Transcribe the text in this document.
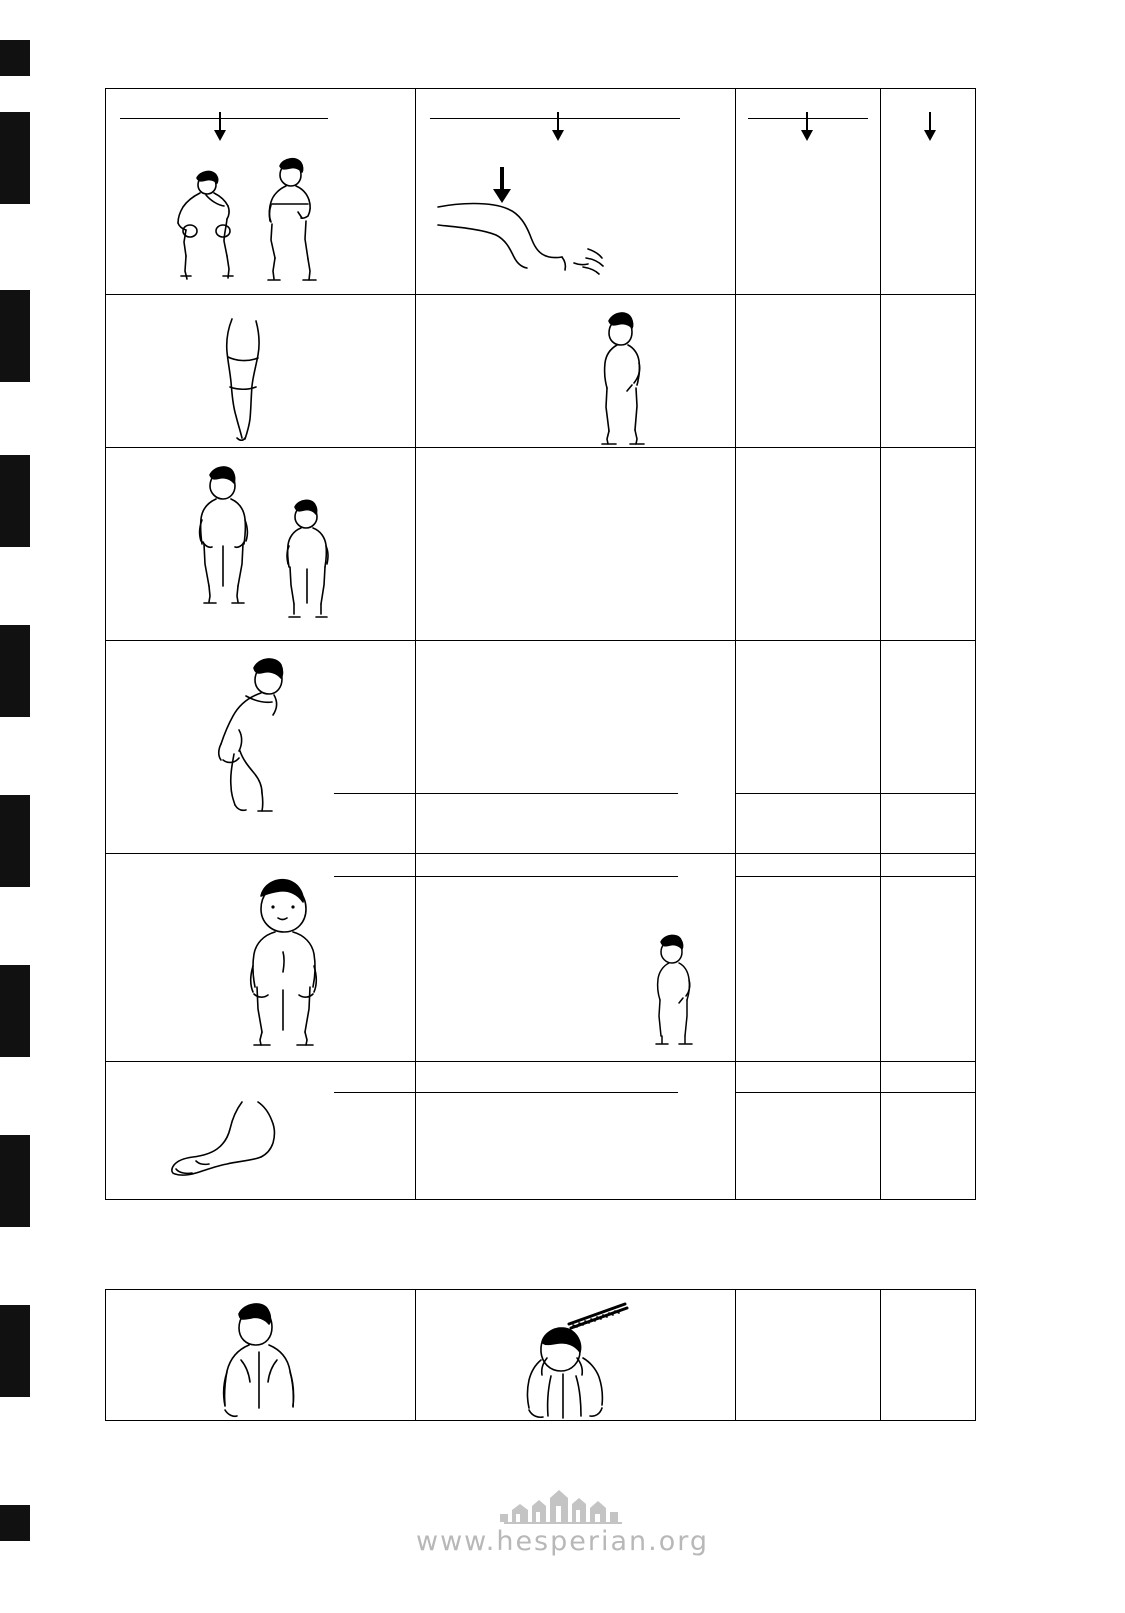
www.hesperian.org
